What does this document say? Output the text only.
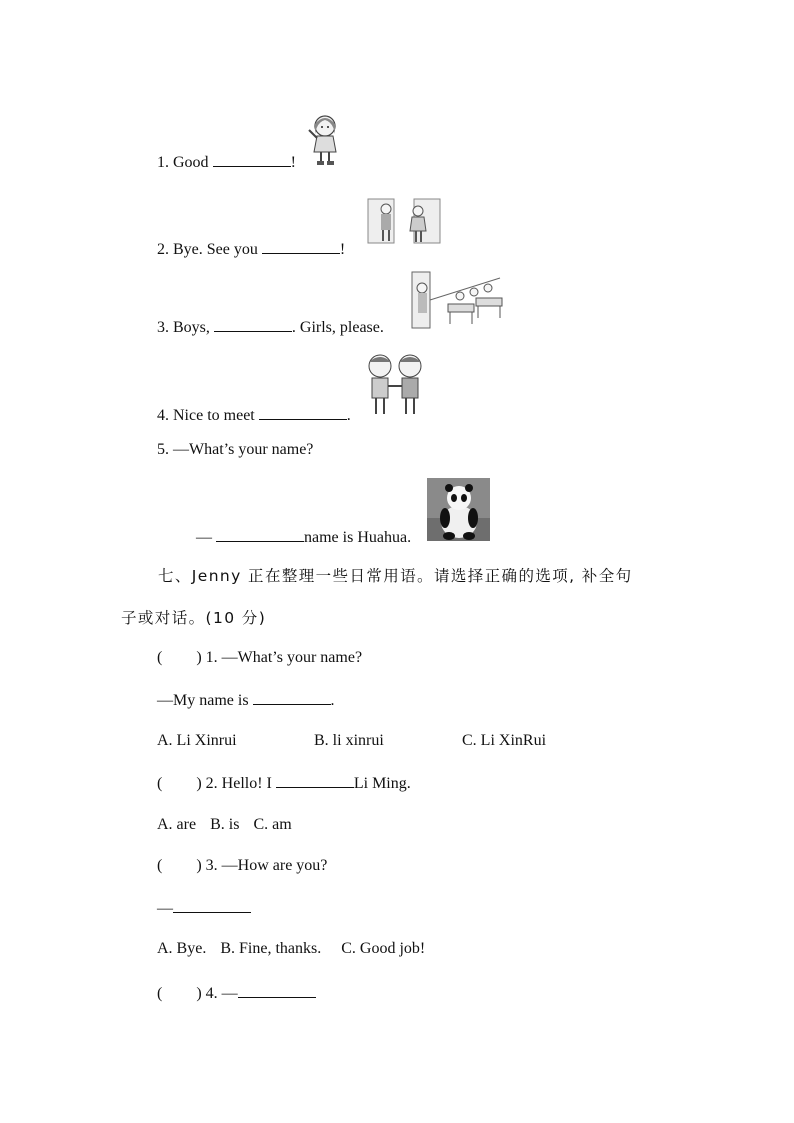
1. Good	!
2. Bye. See you	!
3. Boys,	. Girls, please.
4. Nice to meet	.
5. —What’s your name?
—	name is Huahua.
七、Jenny 正在整理一些日常用语。请选择正确的选项, 补全句
子或对话。(10 分)
( ) 1. —What’s your name?
—My name is	.
A. Li Xinrui	B. li xinrui	C. Li XinRui
( ) 2. Hello! I	Li Ming.
A. are B. is C. am
( ) 3. —How are you?
—
A. Bye. B. Fine, thanks. C. Good job!
( ) 4. —
